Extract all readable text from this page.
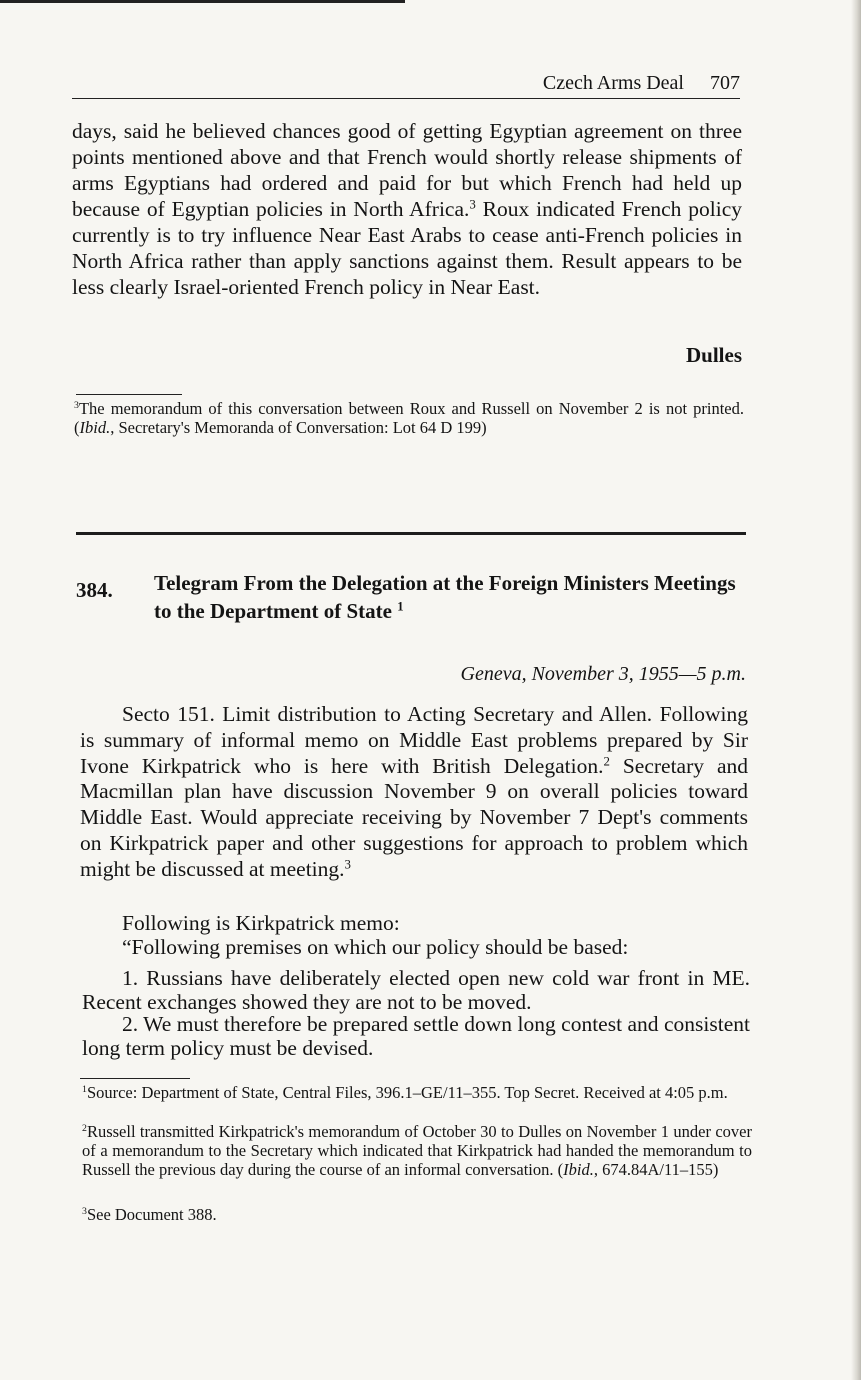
Czech Arms Deal 707

days, said he believed chances good of getting Egyptian agreement on three points mentioned above and that French would shortly release shipments of arms Egyptians had ordered and paid for but which French had held up because of Egyptian policies in North Africa.$^3$ Roux indicated French policy currently is to try influence Near East Arabs to cease anti-French policies in North Africa rather than apply sanctions against them. Result appears to be less clearly Israel-oriented French policy in Near East.

Dulles

$^3$The memorandum of this conversation between Roux and Russell on November 2 is not printed. (Ibid., Secretary's Memoranda of Conversation: Lot 64 D 199)

384. Telegram From the Delegation at the Foreign Ministers Meetings to the Department of State $^1$
Geneva, November 3, 1955—5 p.m.

Secto 151. Limit distribution to Acting Secretary and Allen. Following is summary of informal memo on Middle East problems prepared by Sir Ivone Kirkpatrick who is here with British Delegation.$^2$ Secretary and Macmillan plan have discussion November 9 on overall policies toward Middle East. Would appreciate receiving by November 7 Dept's comments on Kirkpatrick paper and other suggestions for approach to problem which might be discussed at meeting.$^3$

Following is Kirkpatrick memo:

“Following premises on which our policy should be based:

1. Russians have deliberately elected open new cold war front in ME. Recent exchanges showed they are not to be moved.

2. We must therefore be prepared settle down long contest and consistent long term policy must be devised.

$^1$Source: Department of State, Central Files, 396.1–GE/11–355. Top Secret. Received at 4:05 p.m.

$^2$Russell transmitted Kirkpatrick's memorandum of October 30 to Dulles on November 1 under cover of a memorandum to the Secretary which indicated that Kirkpatrick had handed the memorandum to Russell the previous day during the course of an informal conversation. (Ibid., 674.84A/11–155)

$^3$See Document 388.
